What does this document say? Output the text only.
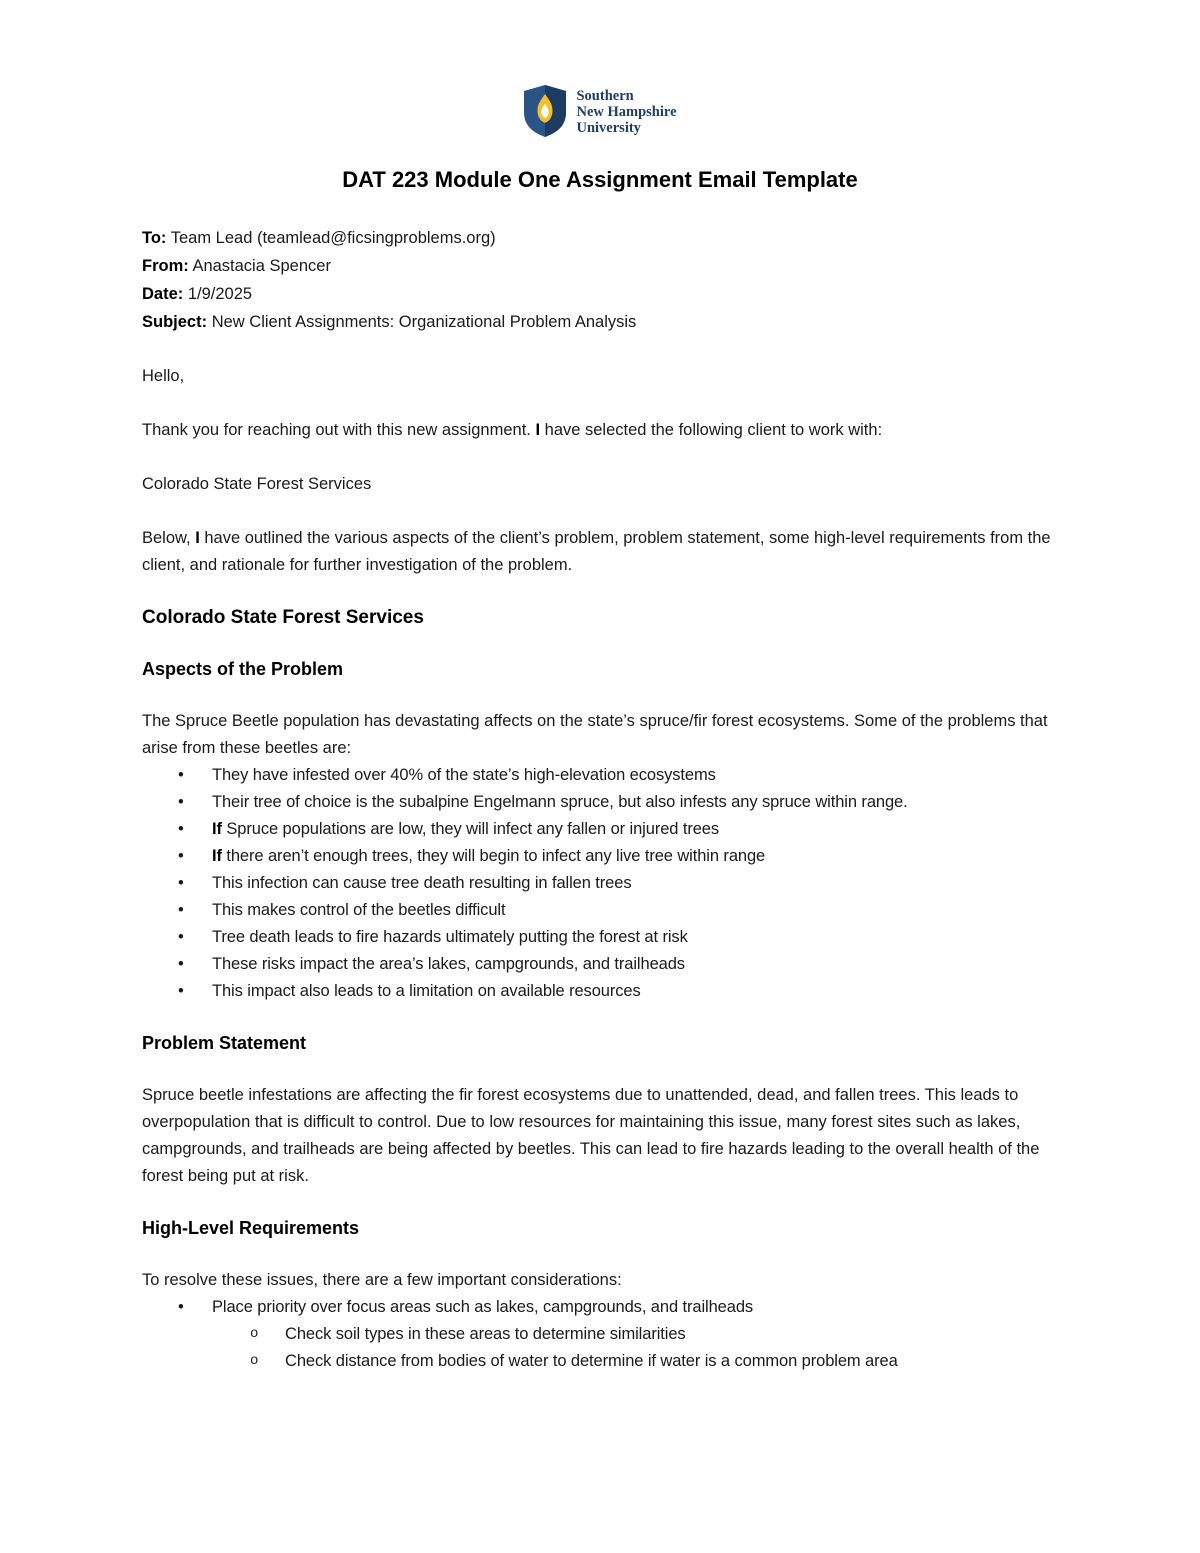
Southern
New Hampshire
University
DAT 223 Module One Assignment Email Template
To: Team Lead (teamlead@ficsingproblems.org)
From: Anastacia Spencer
Date: 1/9/2025
Subject: New Client Assignments: Organizational Problem Analysis

Hello,

Thank you for reaching out with this new assignment. I have selected the following client to work with:

Colorado State Forest Services

Below, I have outlined the various aspects of the client’s problem, problem statement, some high-level requirements from the client, and rationale for further investigation of the problem.

Colorado State Forest Services
Aspects of the Problem

The Spruce Beetle population has devastating affects on the state’s spruce/fir forest ecosystems. Some of the problems that arise from these beetles are:

• They have infested over 40% of the state’s high-elevation ecosystems
• Their tree of choice is the subalpine Engelmann spruce, but also infests any spruce within range.
• If Spruce populations are low, they will infect any fallen or injured trees
• If there aren’t enough trees, they will begin to infect any live tree within range
• This infection can cause tree death resulting in fallen trees
• This makes control of the beetles difficult
• Tree death leads to fire hazards ultimately putting the forest at risk
• These risks impact the area’s lakes, campgrounds, and trailheads
• This impact also leads to a limitation on available resources
Problem Statement

Spruce beetle infestations are affecting the fir forest ecosystems due to unattended, dead, and fallen trees. This leads to overpopulation that is difficult to control. Due to low resources for maintaining this issue, many forest sites such as lakes, campgrounds, and trailheads are being affected by beetles. This can lead to fire hazards leading to the overall health of the forest being put at risk.

High-Level Requirements

To resolve these issues, there are a few important considerations:

• Place priority over focus areas such as lakes, campgrounds, and trailheads
o Check soil types in these areas to determine similarities
o Check distance from bodies of water to determine if water is a common problem area
